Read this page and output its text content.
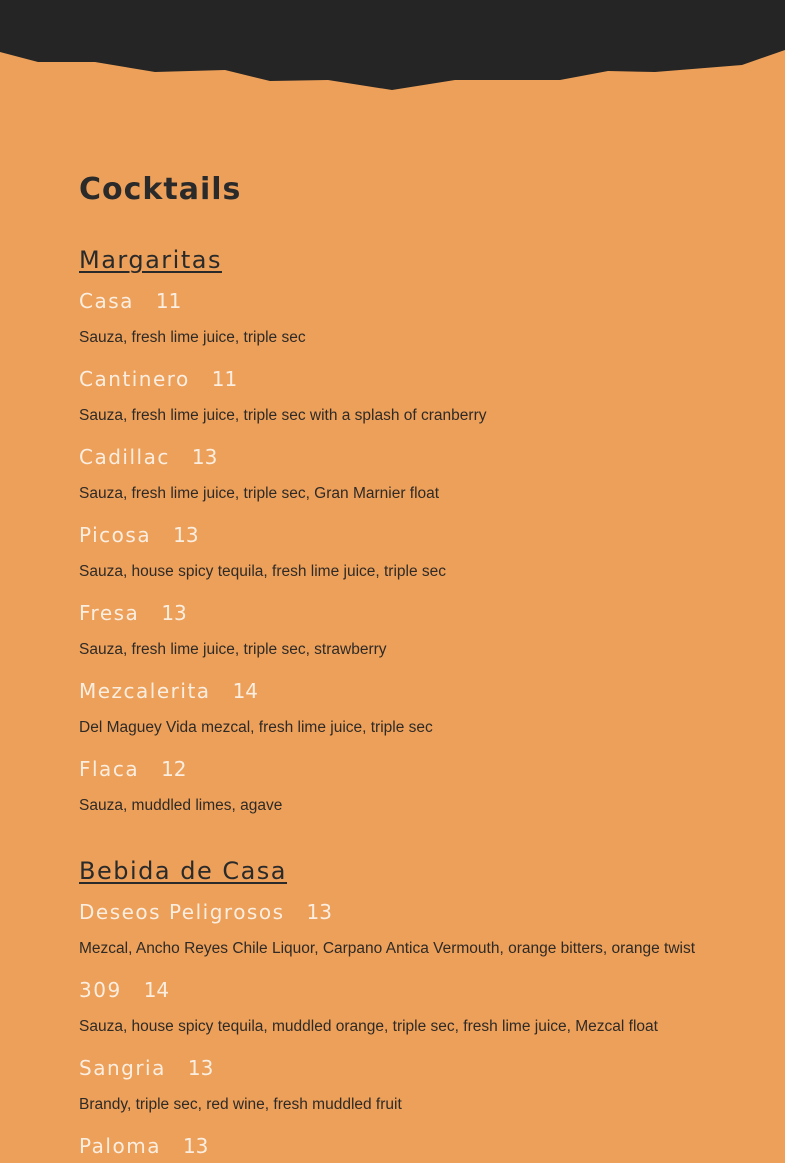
Cocktails
Margaritas
Casa 11
Sauza, fresh lime juice, triple sec
Cantinero 11
Sauza, fresh lime juice, triple sec with a splash of cranberry
Cadillac 13
Sauza, fresh lime juice, triple sec, Gran Marnier float
Picosa 13
Sauza, house spicy tequila, fresh lime juice, triple sec
Fresa 13
Sauza, fresh lime juice, triple sec, strawberry
Mezcalerita 14
Del Maguey Vida mezcal, fresh lime juice, triple sec
Flaca 12
Sauza, muddled limes, agave
Bebida de Casa
Deseos Peligrosos 13
Mezcal, Ancho Reyes Chile Liquor, Carpano Antica Vermouth, orange bitters, orange twist
309 14
Sauza, house spicy tequila, muddled orange, triple sec, fresh lime juice, Mezcal float
Sangria 13
Brandy, triple sec, red wine, fresh muddled fruit
Paloma 13
